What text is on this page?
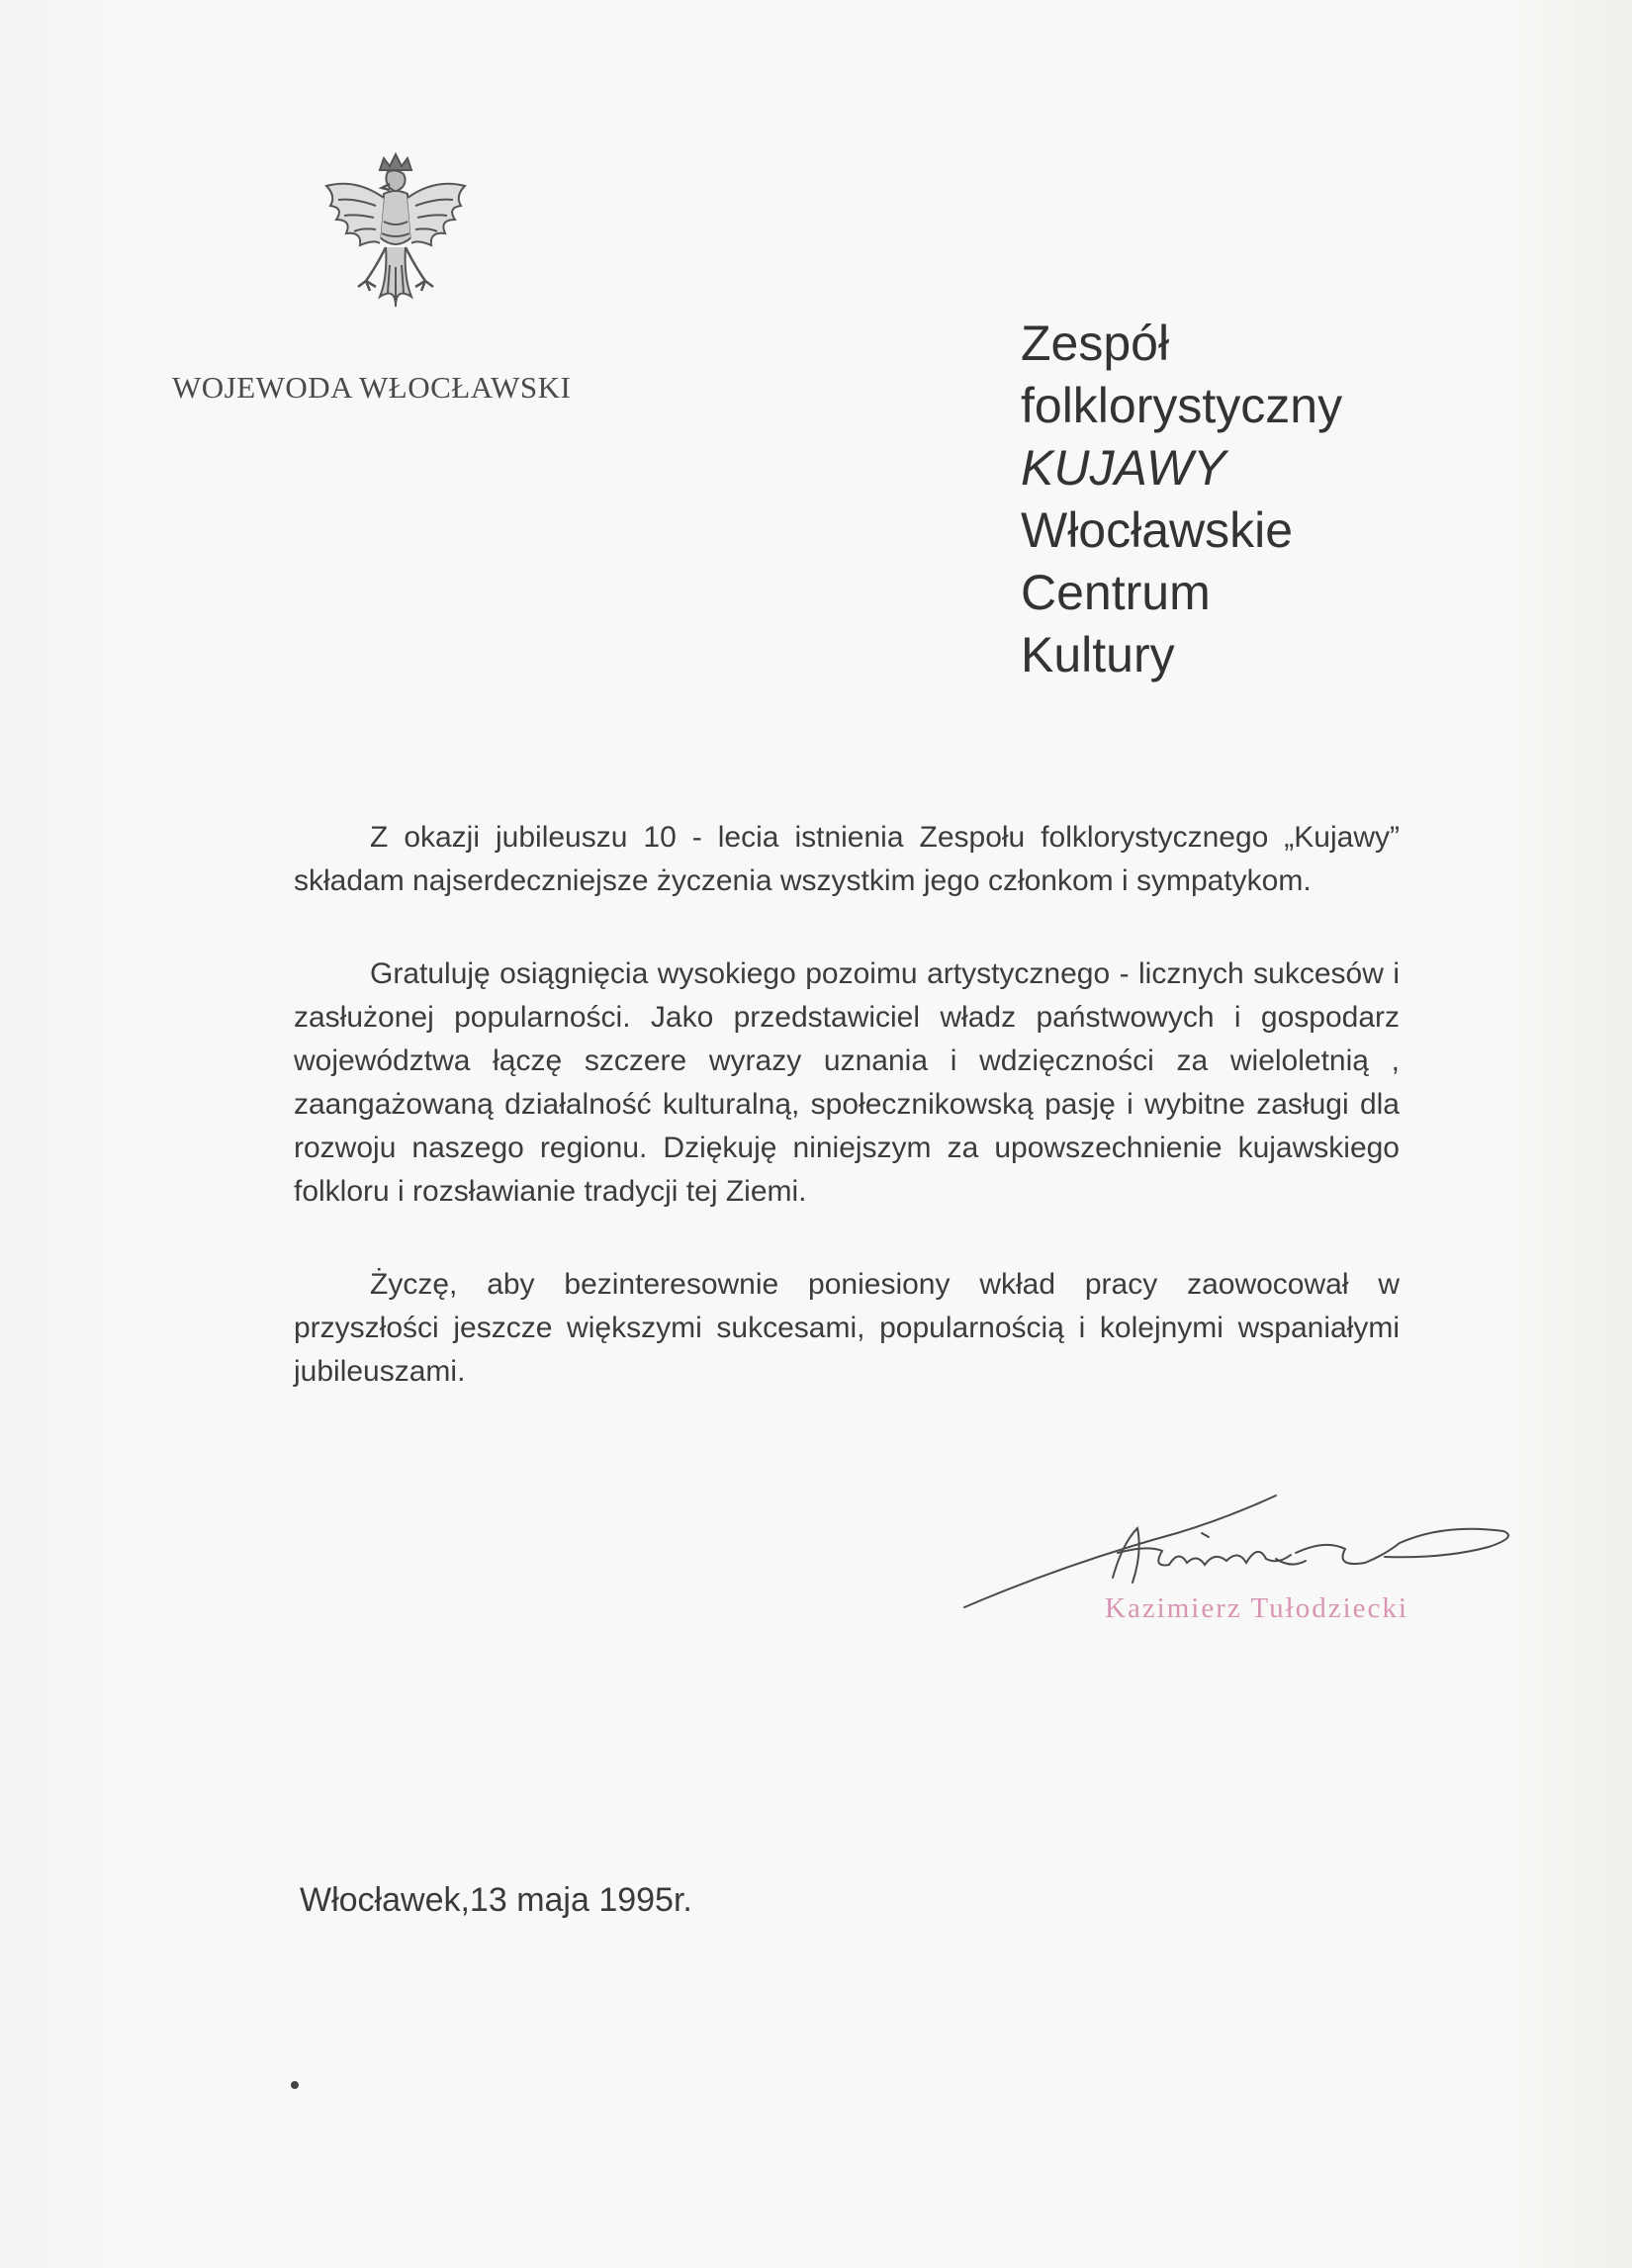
WOJEWODA WŁOCŁAWSKI
Zespół
folklorystyczny
KUJAWY
Włocławskie
Centrum
Kultury

Z okazji jubileuszu 10 - lecia istnienia Zespołu folklorystycznego „Kujawy” składam najserdeczniejsze życzenia wszystkim jego członkom i sympatykom.

Gratuluję osiągnięcia wysokiego pozoimu artystycznego - licznych sukcesów i zasłużonej popularności. Jako przedstawiciel władz państwowych i gospodarz województwa łączę szczere wyrazy uznania i wdzięczności za wieloletnią , zaangażowaną działalność kulturalną, społecznikowską pasję i wybitne zasługi dla rozwoju naszego regionu. Dziękuję niniejszym za upowszechnienie kujawskiego folkloru i rozsławianie tradycji tej Ziemi.

Życzę, aby bezinteresownie poniesiony wkład pracy zaowocował w przyszłości jeszcze większymi sukcesami, popularnością i kolejnymi wspaniałymi jubileuszami.

Kazimierz Tułodziecki
Włocławek,13 maja 1995r.
